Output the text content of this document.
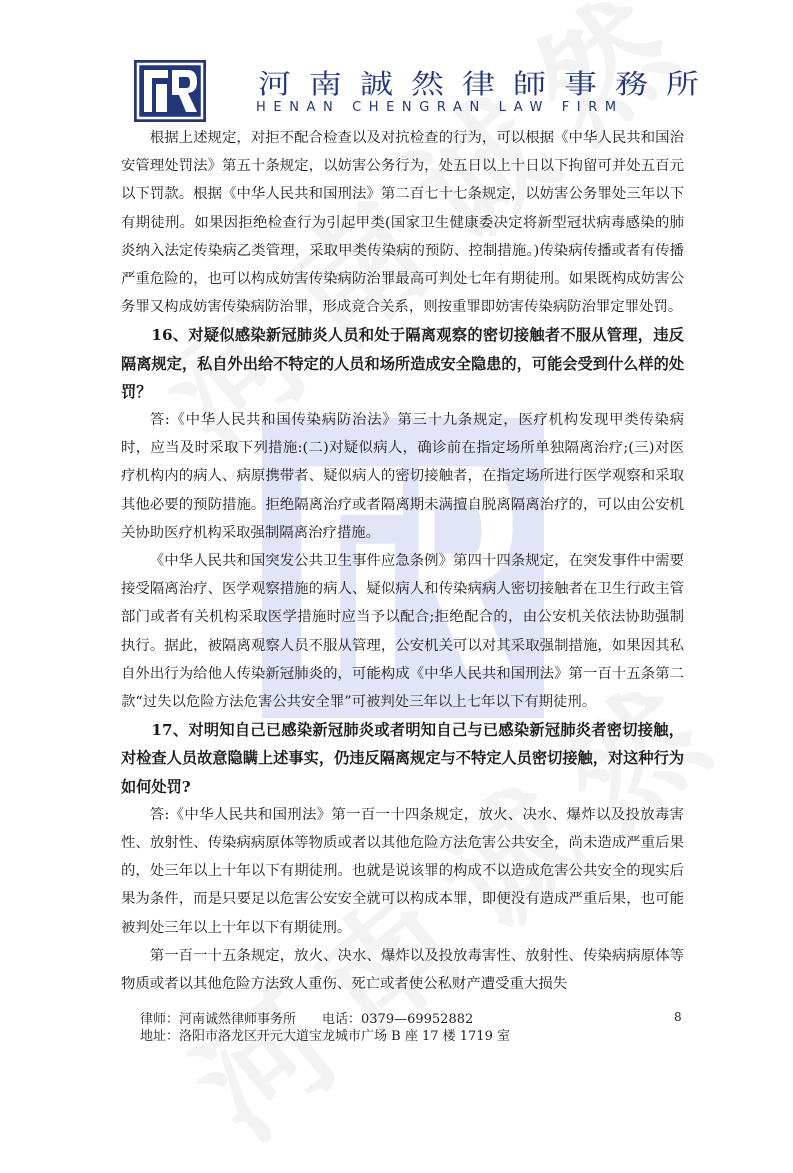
河南誠然律師事務所
HENAN CHENGRAN LAW FIRM

根据上述规定，对拒不配合检查以及对抗检查的行为，可以根据《中华人民共和国治安管理处罚法》第五十条规定，以妨害公务行为，处五日以上十日以下拘留可并处五百元以下罚款。根据《中华人民共和国刑法》第二百七十七条规定，以妨害公务罪处三年以下有期徒刑。如果因拒绝检查行为引起甲类(国家卫生健康委决定将新型冠状病毒感染的肺炎纳入法定传染病乙类管理，采取甲类传染病的预防、控制措施。)传染病传播或者有传播严重危险的，也可以构成妨害传染病防治罪最高可判处七年有期徒刑。如果既构成妨害公务罪又构成妨害传染病防治罪，形成竞合关系，则按重罪即妨害传染病防治罪定罪处罚。

16、对疑似感染新冠肺炎人员和处于隔离观察的密切接触者不服从管理，违反隔离规定，私自外出给不特定的人员和场所造成安全隐患的，可能会受到什么样的处罚？

答:《中华人民共和国传染病防治法》第三十九条规定，医疗机构发现甲类传染病时，应当及时采取下列措施:(二)对疑似病人，确诊前在指定场所单独隔离治疗;(三)对医疗机构内的病人、病原携带者、疑似病人的密切接触者，在指定场所进行医学观察和采取其他必要的预防措施。拒绝隔离治疗或者隔离期未满擅自脱离隔离治疗的，可以由公安机关协助医疗机构采取强制隔离治疗措施。

《中华人民共和国突发公共卫生事件应急条例》第四十四条规定，在突发事件中需要接受隔离治疗、医学观察措施的病人、疑似病人和传染病病人密切接触者在卫生行政主管部门或者有关机构采取医学措施时应当予以配合;拒绝配合的，由公安机关依法协助强制执行。据此，被隔离观察人员不服从管理，公安机关可以对其采取强制措施，如果因其私自外出行为给他人传染新冠肺炎的，可能构成《中华人民共和国刑法》第一百十五条第二款“过失以危险方法危害公共安全罪”可被判处三年以上七年以下有期徒刑。

17、对明知自己已感染新冠肺炎或者明知自己与已感染新冠肺炎者密切接触，对检查人员故意隐瞒上述事实，仍违反隔离规定与不特定人员密切接触，对这种行为如何处罚?

答:《中华人民共和国刑法》第一百一十四条规定，放火、决水、爆炸以及投放毒害性、放射性、传染病病原体等物质或者以其他危险方法危害公共安全，尚未造成严重后果的，处三年以上十年以下有期徒刑。也就是说该罪的构成不以造成危害公共安全的现实后果为条件，而是只要足以危害公安安全就可以构成本罪，即便没有造成严重后果，也可能被判处三年以上十年以下有期徒刑。

第一百一十五条规定，放火、决水、爆炸以及投放毒害性、放射性、传染病病原体等物质或者以其他危险方法致人重伤、死亡或者使公私财产遭受重大损失

律师：河南诚然律师事务所 电话：0379—69952882
地址：洛阳市洛龙区开元大道宝龙城市广场 B 座 17 楼 1719 室
8
